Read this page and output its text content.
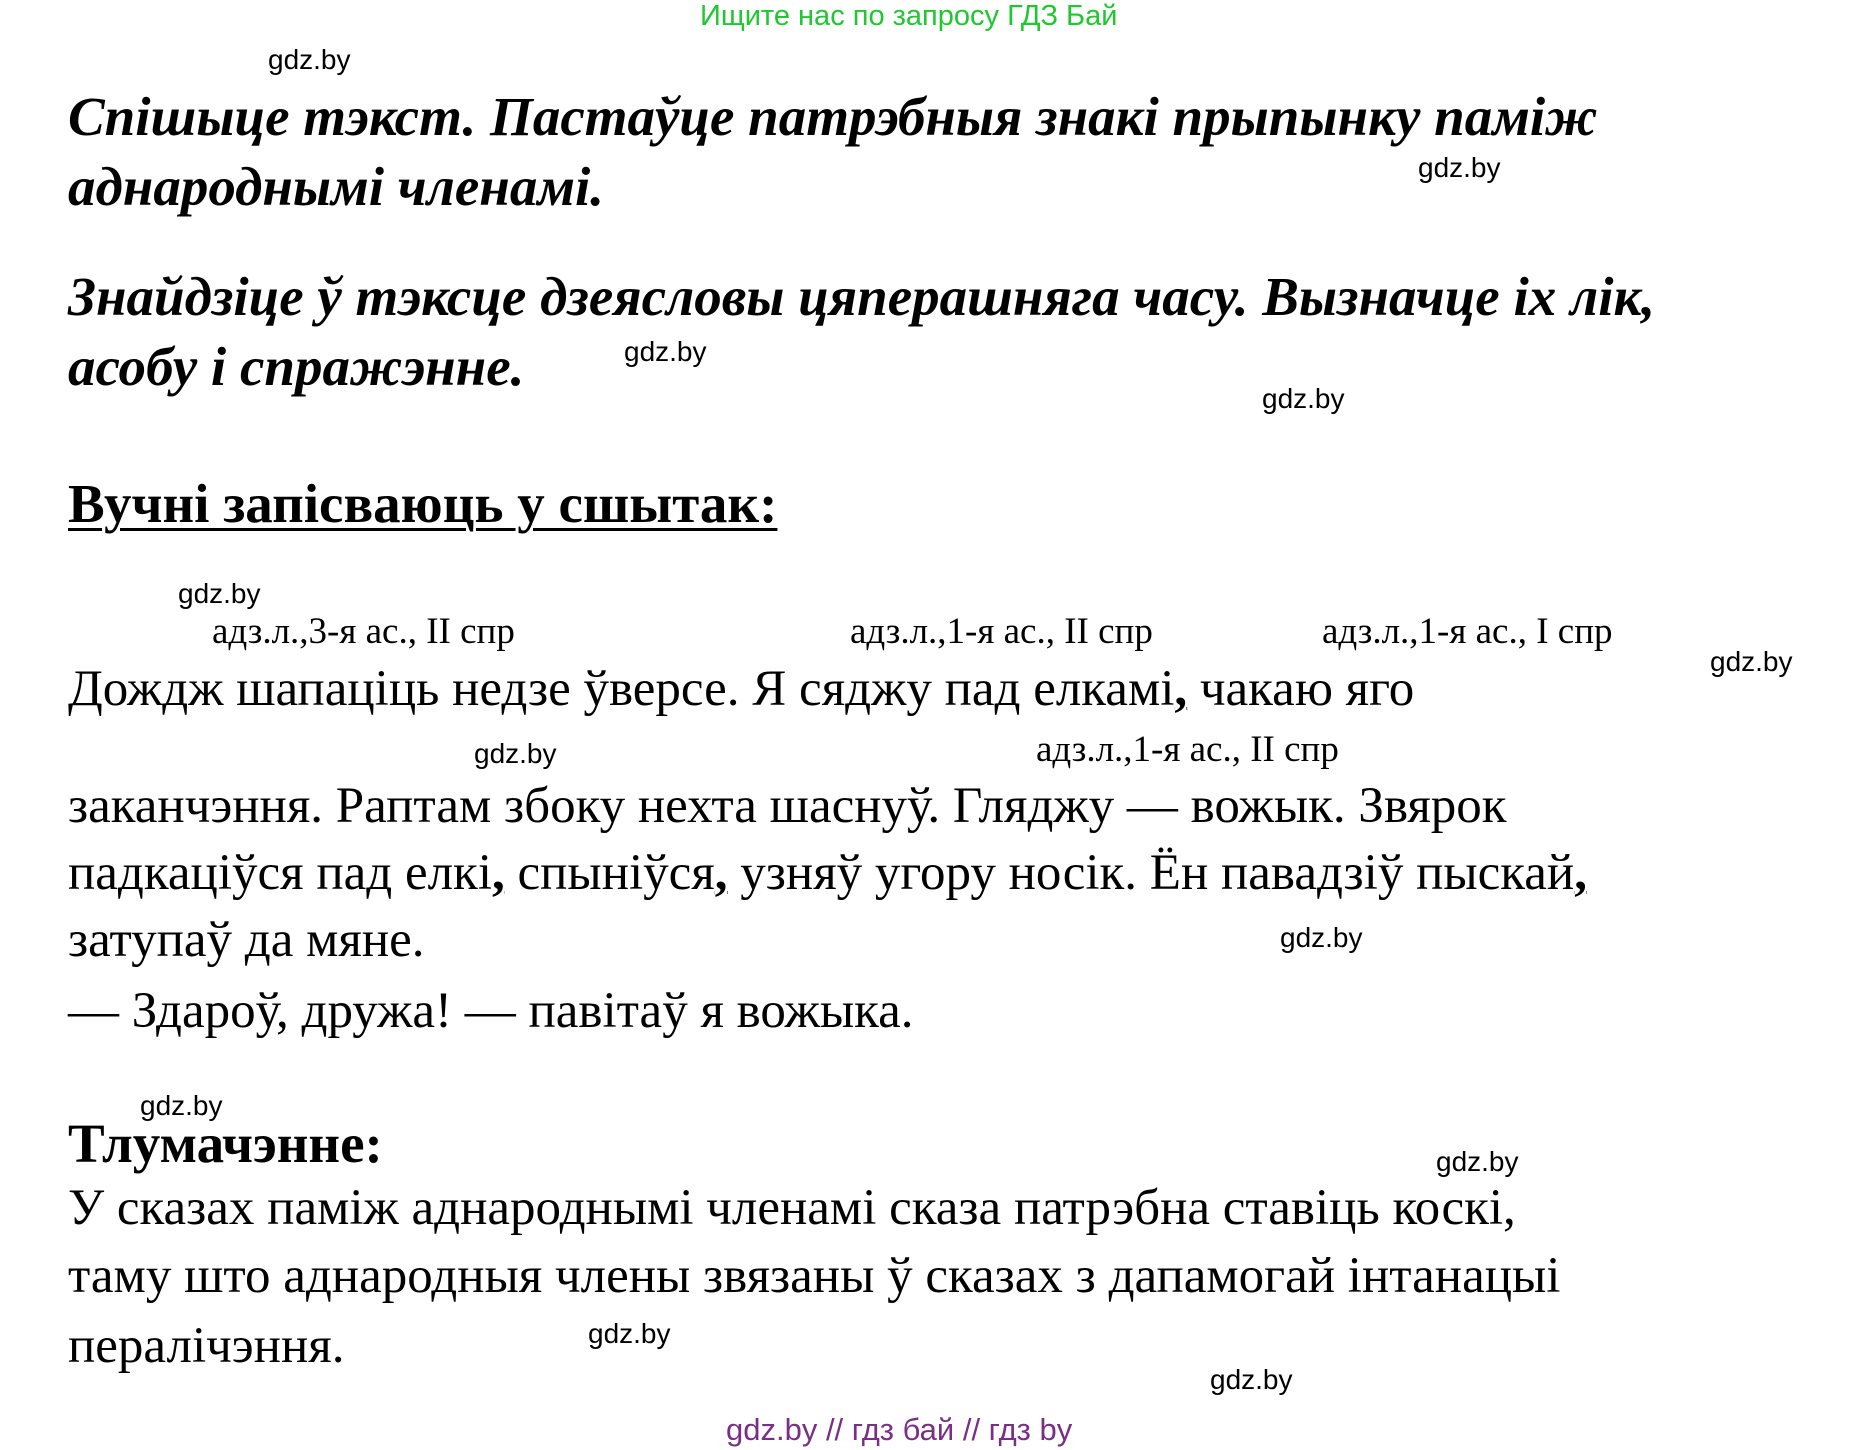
Ищите нас по запросу ГДЗ Бай
Спішыце тэкст. Пастаўце патрэбныя знакі прыпынку паміж
аднароднымі членамі.
Знайдзіце ў тэксце дзеясловы цяперашняга часу. Вызначце іх лік,
асобу і спражэнне.
Вучні запісваюць у сшытак:
адз.л.,3-я ас., II спр	адз.л.,1-я ас., II спр	адз.л.,1-я ас., I спр
Дождж шапаціць недзе ўверсе. Я сяджу пад елкамі, чакаю яго
адз.л.,1-я ас., II спр
заканчэння. Раптам збоку нехта шаснуў. Гляджу — вожык. Звярок
падкаціўся пад елкі, спыніўся, узняў угору носік. Ён павадзіў пыскай,
затупаў да мяне.
— Здароў, дружа! — павітаў я вожыка.
Тлумачэнне:
У сказах паміж аднароднымі членамі сказа патрэбна ставіць коскі,
таму што аднародныя члены звязаны ў сказах з дапамогай інтанацыі
пералічэння.
gdz.by
gdz.by
gdz.by
gdz.by
gdz.by
gdz.by
gdz.by
gdz.by
gdz.by
gdz.by
gdz.by
gdz.by
gdz.by // гдз бай // гдз by
